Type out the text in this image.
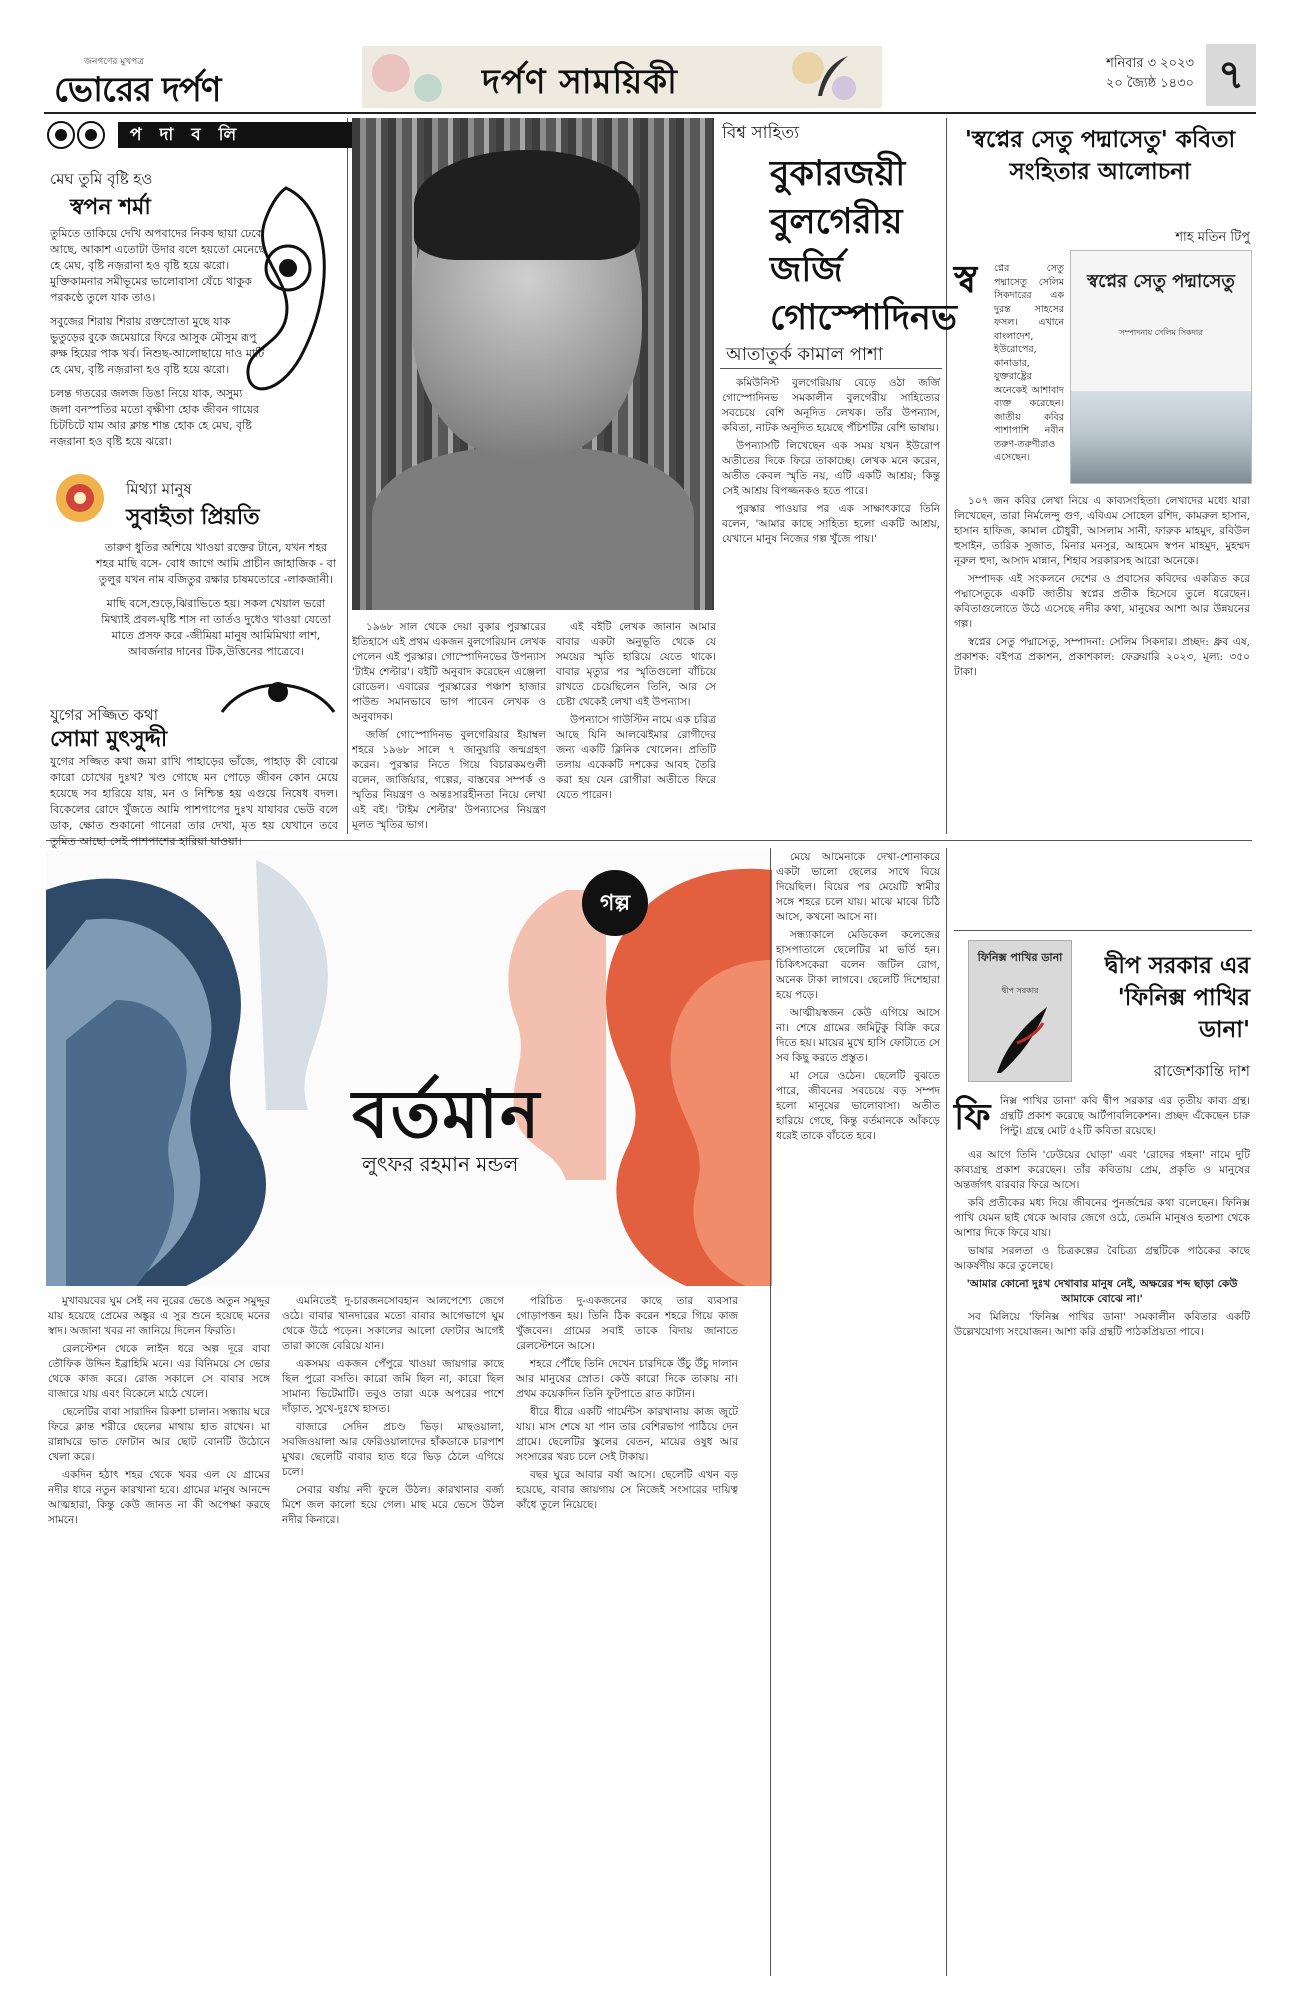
জনগণের মুখপত্র
ভোরের দর্পণ	দর্পণ সাময়িকী	শনিবার ৩ ২০২৩
২০ জ্যৈষ্ঠ ১৪৩০ ৭
প দা ব লি
মেঘ তুমি বৃষ্টি হও
স্বপন শর্মা

তুমিতে তাকিয়ে দেখি অপবাদের নিকষ ছায়া ঢেকে আছে, আকাশ এতোটা উদার বলে হয়তো মেনেছে হে মেঘ, বৃষ্টি নজ়রানা হও বৃষ্টি হয়ে ঝরো। মুক্তিকামনার সমীভূমের ভালোবাসা যেঁচে থাকুক পরকণ্ঠে তুলে যাক তাও।

সবুজের শিরায় শিরায় রক্তস্রোতা মুছে যাক ভুতুড়ের বুকে জমেয়ারে ফিরে আসুক মৌসুম রূপু রুক্ষ হিয়ের পাক খর্ব। নিশুছ-আলোছায়ে দাও মাটি হে মেঘ, বৃষ্টি নজ়রানা হও বৃষ্টি হয়ে ঝরো।

চলন্ত গতরের জলজ ডিঙা নিয়ে যাক, অসুম্য জলা বনস্পতির মতো বৃক্ষীণা হোক জীবন গায়ের চিটচিটে যাম আর ক্লান্ত শান্ত হোক হে মেঘ, বৃষ্টি নজ়রানা হও বৃষ্টি হয়ে ঝরো।

মিথ্যা মানুষ
সুবাইতা প্রিয়তি

তারুণ ধুতির অশিয়ে খাওয়া রক্তের টানে, যখন শহর শহর মাছি বসে- বোধ জাগে আমি প্রাচীন জাহাজিক - বা তুলুর যখন নাম বজিতুর রক্ষার চাষমতোরে -লাকজানী।

মাছি বসে,শুড়ে,ঝিরাভিতে হয়। সকল খেয়াল ভরো মিথ্যাই প্রবল-ঘৃষ্টি শাস না তার্তও দুধেও খাওয়া যেতো মাতে প্রসফ করে -জীমিয়া মানুষ আমিমিথ্যা লাশ, আবর্জনার দানের টিক,উত্তিনের পাত্রেবে।

যুগের সজ্জিত কথা
সোমা মুৎসুদ্দী

যুগের সজ্জিত কথা জমা রাখি পাহাড়ের ভাঁজে, পাহাড় কী বোঝে কারো চোখের দুঃখ? খণ্ড গোছে মন পোড়ে জীবন কোন মেয়ে হয়েছে সব হারিয়ে যায়, মন ও নিশ্চিন্ত হয় এগুয়ে নিষেধ বদল। বিকেলের রোদে খুঁজতে আমি পাশপাপের দুঃখ যাযাবর ভেউ বলে ডাক, ক্ষোত শুকানো গানেরা তার দেখা, মৃত হয় যেখানে তবে তুমিত আছো সেই পাশপাশের হারিয়া যাওয়া।

বিশ্ব সাহিত্য
বুকারজয়ী বুলগেরীয় জর্জি গোস্পোদিনভ
আতাতুর্ক কামাল পাশা

১৯৬৮ সাল থেকে দেয়া বুকার পুরস্কারের ইতিহাসে এই প্রথম একজন বুলগেরিয়ান লেখক পেলেন এই পুরস্কার। গোস্পোদিনভের উপন্যাস 'টাইম শেল্টার'। বইটি অনুবাদ করেছেন এঞ্জেলা রোডেল। এবারের পুরস্কারের পঞ্চাশ হাজার পাউন্ড সমানভাবে ভাগ পাবেন লেখক ও অনুবাদক।

জর্জি গোস্পোদিনভ বুলগেরিয়ার ইয়াম্বল শহরে ১৯৬৮ সালে ৭ জানুয়ারি জন্মগ্রহণ করেন। পুরস্কার নিতে গিয়ে বিচারকমণ্ডলী বলেন, জার্জিয়ার, গল্পের, বাস্তবের সম্পর্ক ও স্মৃতির নিয়ন্ত্রণ ও অন্তঃসারহীনতা নিয়ে লেখা এই বই। 'টাইম শেল্টার' উপন্যাসের নিয়ন্ত্রণ মূলত স্মৃতির ভাগ।

এই বইটি লেখক জানান আমার বাবার একটা অনুভূতি থেকে যে সময়ের স্মৃতি হারিয়ে যেতে থাকে। বাবার মৃত্যুর পর স্মৃতিগুলো বাঁচিয়ে রাখতে চেয়েছিলেন তিনি, আর সে চেষ্টা থেকেই লেখা এই উপন্যাস।

উপন্যাসে গাউস্টিন নামে এক চরিত্র আছে যিনি আলঝেইমার রোগীদের জন্য একটি ক্লিনিক খোলেন। প্রতিটি তলায় একেকটি দশকের আবহ তৈরি করা হয় যেন রোগীরা অতীতে ফিরে যেতে পারেন।

কমিউনিস্ট বুলগেরিয়ায় বেড়ে ওঠা জর্জি গোস্পোদিনভ সমকালীন বুলগেরীয় সাহিত্যের সবচেয়ে বেশি অনূদিত লেখক। তাঁর উপন্যাস, কবিতা, নাটক অনূদিত হয়েছে পঁচিশটির বেশি ভাষায়।

উপন্যাসটি লিখেছেন এক সময় যখন ইউরোপ অতীতের দিকে ফিরে তাকাচ্ছে। লেখক মনে করেন, অতীত কেবল স্মৃতি নয়, এটি একটি আশ্রয়; কিন্তু সেই আশ্রয় বিপজ্জনকও হতে পারে।

পুরস্কার পাওয়ার পর এক সাক্ষাৎকারে তিনি বলেন, 'আমার কাছে সাহিত্য হলো একটি আশ্রয়, যেখানে মানুষ নিজের গল্প খুঁজে পায়।'

'স্বপ্নের সেতু পদ্মাসেতু' কবিতা সংহিতার আলোচনা
শাহ মতিন টিপু
স্ব	স্বপ্নের সেতু পদ্মাসেতু
সম্পাদনায় সেলিম সিকদার

প্নের সেতু পদ্মাসেতু সেলিম সিকদারের এক দুরন্ত সাহসের ফসল। এখানে বাংলাদেশ, ইউরোপের, কানাডার, যুক্তরাষ্ট্রের অনেকেই আশাবাদ ব্যক্ত করেছেন। জাতীয় কবির পাশাপাশি নবীন তরুণ-তরুণীরাও এসেছেন।

১০৭ জন কবির লেখা নিয়ে এ কাব্যসংহিতা। লেখাদের মধ্যে যারা লিখেছেন, তারা নির্মলেন্দু গুণ, এবিএম সোহেল রশিদ, কামরুল হাসান, হাসান হাফিজ, কামাল চৌধুরী, আসলাম সানী, ফারুক মাহমুদ, রবিউল হুসাইন, তারিক সুজাত, মিনার মনসুর, আহমেদ স্বপন মাহমুদ, মুহম্মদ নূরুল হুদা, আসাদ মান্নান, শিহাব সরকারসহ আরো অনেকে।

সম্পাদক এই সংকলনে দেশের ও প্রবাসের কবিদের একত্রিত করে পদ্মাসেতুকে একটি জাতীয় স্বপ্নের প্রতীক হিসেবে তুলে ধরেছেন। কবিতাগুলোতে উঠে এসেছে নদীর কথা, মানুষের আশা আর উন্নয়নের গল্প।

স্বপ্নের সেতু পদ্মাসেতু, সম্পাদনা: সেলিম সিকদার। প্রচ্ছদ: ধ্রুব এষ, প্রকাশক: বইপত্র প্রকাশন, প্রকাশকাল: ফেব্রুয়ারি ২০২৩, মূল্য: ৩৫০ টাকা।

গল্প
বর্তমান
লুৎফর রহমান মন্ডল

মুখাবয়বের ঘুম সেই নব নুরের ভেঙে অতুন সমুদ্দুর যায় হয়েছে প্রেমের অঙ্কুর এ সুর শুনে হয়েছে মনের স্বাদ। অজানা খবর না জানিয়ে দিলেন ফিরতি।

রেলস্টেশন থেকে লাইন ধরে অল্প দূরে বাবা তৌফিক উদ্দিন ইব্রাহিমি মনে। এর বিনিময়ে সে ভোর থেকে কাজ করে। রোজ সকালে সে বাবার সঙ্গে বাজারে যায় এবং বিকেলে মাঠে খেলে।

ছেলেটির বাবা সারাদিন রিকশা চালান। সন্ধ্যায় ঘরে ফিরে ক্লান্ত শরীরে ছেলের মাথায় হাত রাখেন। মা রান্নাঘরে ভাত ফোটান আর ছোট বোনটি উঠোনে খেলা করে।

একদিন হঠাৎ শহর থেকে খবর এল যে গ্রামের নদীর ধারে নতুন কারখানা হবে। গ্রামের মানুষ আনন্দে আত্মহারা, কিন্তু কেউ জানত না কী অপেক্ষা করছে সামনে।

এমনিতেই দু-চারজনসোবহান আলপেশ্যে জেগে ওঠে। বাবার খানদারের মতো বাবার আগেভাগে ঘুম থেকে উঠে পড়েন। সকালের আলো ফোটার আগেই তারা কাজে বেরিয়ে যান।

একসময় একজন পেঁপুরে খাওয়া জায়গার কাছে ছিল পুরো বসতি। কারো জমি ছিল না, কারো ছিল সামান্য ভিটেমাটি। তবুও তারা একে অপরের পাশে দাঁড়াত, সুখে-দুঃখে হাসত।

বাজারে সেদিন প্রচণ্ড ভিড়। মাছওয়ালা, সবজিওয়ালা আর ফেরিওয়ালাদের হাঁকডাকে চারপাশ মুখর। ছেলেটি বাবার হাত ধরে ভিড় ঠেলে এগিয়ে চলে।

সেবার বর্ষায় নদী ফুলে উঠল। কারখানার বর্জ্য মিশে জল কালো হয়ে গেল। মাছ মরে ভেসে উঠল নদীর কিনারে।

পরিচিত দু-একজনের কাছে তার ব্যবসার গোড়াপত্তন হয়। তিনি ঠিক করেন শহরে গিয়ে কাজ খুঁজবেন। গ্রামের সবাই তাকে বিদায় জানাতে রেলস্টেশনে আসে।

শহরে পৌঁছে তিনি দেখেন চারদিকে উঁচু উঁচু দালান আর মানুষের স্রোত। কেউ কারো দিকে তাকায় না। প্রথম কয়েকদিন তিনি ফুটপাতে রাত কাটান।

ধীরে ধীরে একটি গার্মেন্টস কারখানায় কাজ জুটে যায়। মাস শেষে যা পান তার বেশিরভাগ পাঠিয়ে দেন গ্রামে। ছেলেটির স্কুলের বেতন, মায়ের ওষুধ আর সংসারের খরচ চলে সেই টাকায়।

বছর ঘুরে আবার বর্ষা আসে। ছেলেটি এখন বড় হয়েছে, বাবার জায়গায় সে নিজেই সংসারের দায়িত্ব কাঁধে তুলে নিয়েছে।

মেয়ে আমেনাকে দেখা-শোনাকরে একটা ভালো ছেলের সাথে বিয়ে দিয়েছিল। বিয়ের পর মেয়েটি স্বামীর সঙ্গে শহরে চলে যায়। মাঝে মাঝে চিঠি আসে, কখনো আসে না।

সন্ধ্যাকালে মেডিকেল কলেজের হাসপাতালে ছেলেটির মা ভর্তি হন। চিকিৎসকেরা বলেন জটিল রোগ, অনেক টাকা লাগবে। ছেলেটি দিশেহারা হয়ে পড়ে।

আত্মীয়স্বজন কেউ এগিয়ে আসে না। শেষে গ্রামের জমিটুকু বিক্রি করে দিতে হয়। মায়ের মুখে হাসি ফোটাতে সে সব কিছু করতে প্রস্তুত।

মা সেরে ওঠেন। ছেলেটি বুঝতে পারে, জীবনের সবচেয়ে বড় সম্পদ হলো মানুষের ভালোবাসা। অতীত হারিয়ে গেছে, কিন্তু বর্তমানকে আঁকড়ে ধরেই তাকে বাঁচতে হবে।

ফিনিক্স পাখির ডানা
দ্বীপ সরকার
দ্বীপ সরকার এর 'ফিনিক্স পাখির ডানা'
রাজেশকান্তি দাশ
ফি নিক্স পাখির ডানা' কবি দ্বীপ সরকার এর তৃতীয় কাব্য গ্রন্থ। গ্রন্থটি প্রকাশ করেছে আর্টপাবলিকেশন। প্রচ্ছদ এঁকেছেন চারু পিন্টু। গ্রন্থে মোট ৫২টি কবিতা রয়েছে।

এর আগে তিনি 'ঢেউয়ের ঘোড়া' এবং 'রোদের গহনা' নামে দুটি কাব্যগ্রন্থ প্রকাশ করেছেন। তাঁর কবিতায় প্রেম, প্রকৃতি ও মানুষের অন্তর্জগৎ বারবার ফিরে আসে।

কবি প্রতীকের মধ্য দিয়ে জীবনের পুনর্জন্মের কথা বলেছেন। ফিনিক্স পাখি যেমন ছাই থেকে আবার জেগে ওঠে, তেমনি মানুষও হতাশা থেকে আশার দিকে ফিরে যায়।

ভাষার সরলতা ও চিত্রকল্পের বৈচিত্র্য গ্রন্থটিকে পাঠকের কাছে আকর্ষণীয় করে তুলেছে।

'আমার কোনো দুঃখ দেখাবার মানুষ নেই, অক্ষরের শব্দ ছাড়া কেউ আমাকে বোঝে না।'

সব মিলিয়ে 'ফিনিক্স পাখির ডানা' সমকালীন কবিতার একটি উল্লেখযোগ্য সংযোজন। আশা করি গ্রন্থটি পাঠকপ্রিয়তা পাবে।
